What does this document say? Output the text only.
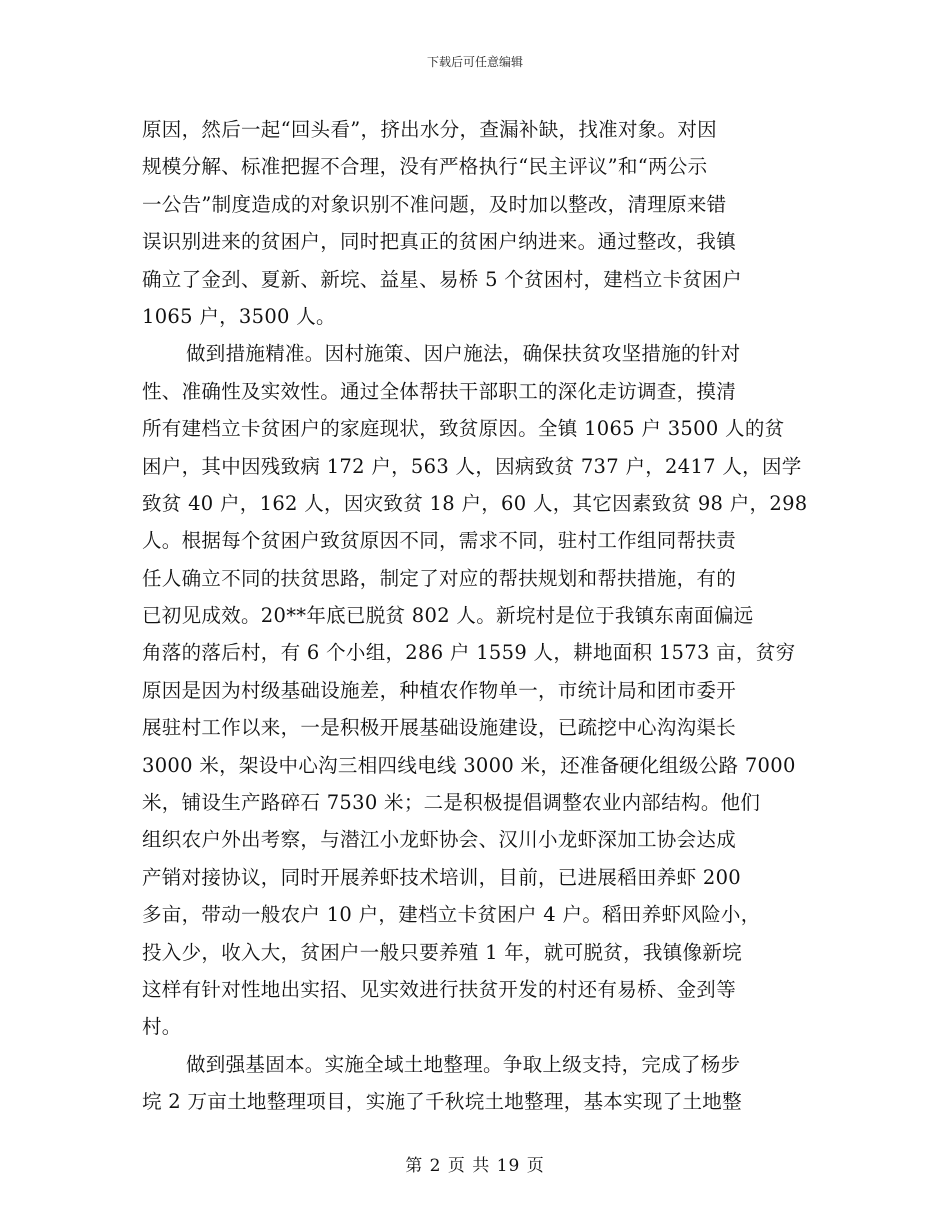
下载后可任意编辑
原因，然后一起“回头看”，挤出水分，查漏补缺，找准对象。对因
规模分解、标准把握不合理，没有严格执行“民主评议”和“两公示
一公告”制度造成的对象识别不准问题，及时加以整改，清理原来错
误识别进来的贫困户，同时把真正的贫困户纳进来。通过整改，我镇
确立了金刭、夏新、新垸、益星、易桥 5 个贫困村，建档立卡贫困户
1065 户，3500 人。
做到措施精准。因村施策、因户施法，确保扶贫攻坚措施的针对
性、准确性及实效性。通过全体帮扶干部职工的深化走访调查，摸清
所有建档立卡贫困户的家庭现状，致贫原因。全镇 1065 户 3500 人的贫
困户，其中因残致病 172 户，563 人，因病致贫 737 户，2417 人，因学
致贫 40 户，162 人，因灾致贫 18 户，60 人，其它因素致贫 98 户，298
人。根据每个贫困户致贫原因不同，需求不同，驻村工作组同帮扶责
任人确立不同的扶贫思路，制定了对应的帮扶规划和帮扶措施，有的
已初见成效。20**年底已脱贫 802 人。新垸村是位于我镇东南面偏远
角落的落后村，有 6 个小组，286 户 1559 人，耕地面积 1573 亩，贫穷
原因是因为村级基础设施差，种植农作物单一，市统计局和团市委开
展驻村工作以来，一是积极开展基础设施建设，已疏挖中心沟沟渠长
3000 米，架设中心沟三相四线电线 3000 米，还准备硬化组级公路 7000
米，铺设生产路碎石 7530 米；二是积极提倡调整农业内部结构。他们
组织农户外出考察，与潜江小龙虾协会、汉川小龙虾深加工协会达成
产销对接协议，同时开展养虾技术培训，目前，已进展稻田养虾 200
多亩，带动一般农户 10 户，建档立卡贫困户 4 户。稻田养虾风险小，
投入少，收入大，贫困户一般只要养殖 1 年，就可脱贫，我镇像新垸
这样有针对性地出实招、见实效进行扶贫开发的村还有易桥、金刭等
村。
做到强基固本。实施全域土地整理。争取上级支持，完成了杨步
垸 2 万亩土地整理项目，实施了千秋垸土地整理，基本实现了土地整
第 2 页 共 19 页
